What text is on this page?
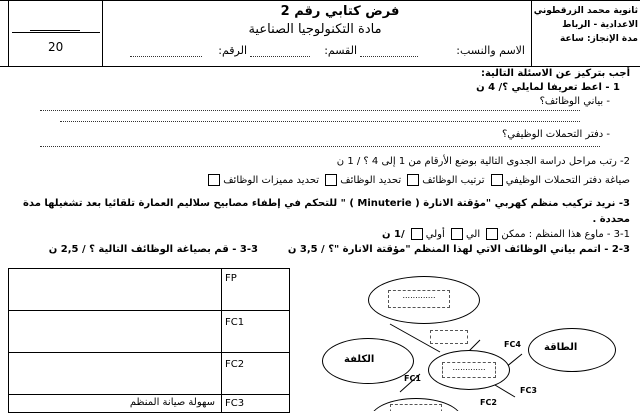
20
فرض كتابي رقم 2
مادة التكنولوجيا الصناعية
الاسم والنسب:
القسم:
الرقم:
ثانوية محمد الزرقطوني
الاعدادية - الرباط
مدة الإنجاز: ساعة
أجب بتركيز عن الاسئلة التالية:
1 - اعط تعريفا لمايلي ؟/ 4 ن
- بياني الوظائف؟
- دفتر التحملات الوظيفي؟
2- رتب مراحل دراسة الجدوى التالية بوضع الأرقام من 1 إلى 4 ؟ / 1 ن
صياغة دفتر التحملات الوظيفي ترتيب الوظائف تحديد الوظائف تحديد مميزات الوظائف
3- نريد تركيب منظم كهربي "مؤقتة الانارة ( Minuterie ) " للتحكم في إطفاء مصابيح سلاليم العمارة تلقائيا بعد تشغيلها مدة محددة .
3-1 - ماوع هذا المنظم : ممكن الي أولي /1 ن
2-3 - اتمم بياني الوظائف الاتي لهذا المنظم "مؤقتة الانارة "؟ / 3,5 ن
3-3 - قم بصياغة الوظائف التالية ؟ / 2,5 ن
FP
FC1
FC2
FC3
سهولة صيانة المنظم
.............
الطاقة
الكلفة
.............
FC1
FC2
FC3
FC4
